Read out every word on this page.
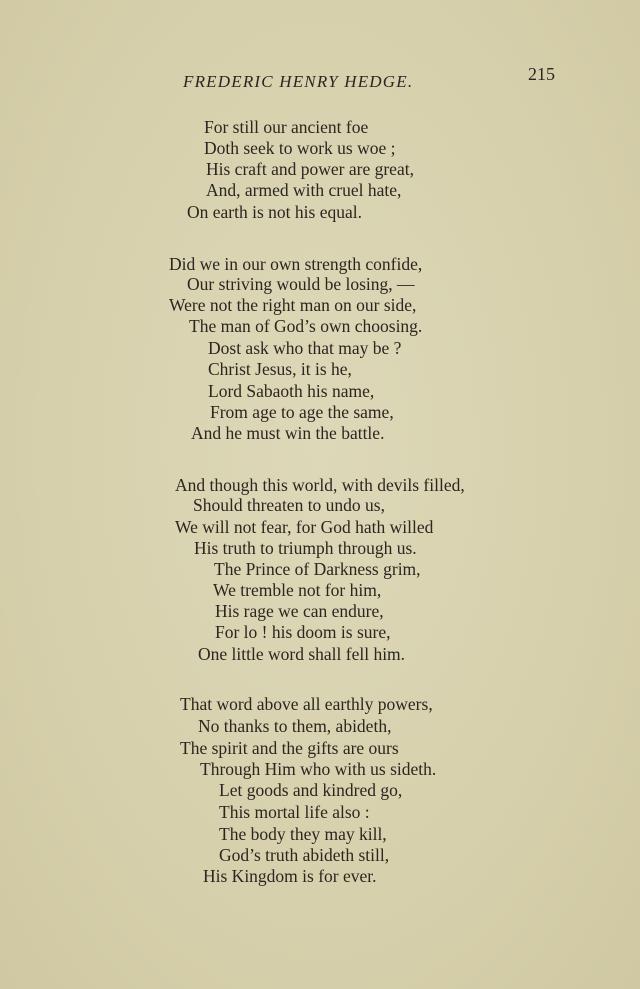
FREDERIC HENRY HEDGE.	215
For still our ancient foe
Doth seek to work us woe ;
His craft and power are great,
And, armed with cruel hate,
On earth is not his equal.
Did we in our own strength confide,
Our striving would be losing, —
Were not the right man on our side,
The man of God’s own choosing.
Dost ask who that may be ?
Christ Jesus, it is he,
Lord Sabaoth his name,
From age to age the same,
And he must win the battle.
And though this world, with devils filled,
Should threaten to undo us,
We will not fear, for God hath willed
His truth to triumph through us.
The Prince of Darkness grim,
We tremble not for him,
His rage we can endure,
For lo ! his doom is sure,
One little word shall fell him.
That word above all earthly powers,
No thanks to them, abideth,
The spirit and the gifts are ours
Through Him who with us sideth.
Let goods and kindred go,
This mortal life also :
The body they may kill,
God’s truth abideth still,
His Kingdom is for ever.
